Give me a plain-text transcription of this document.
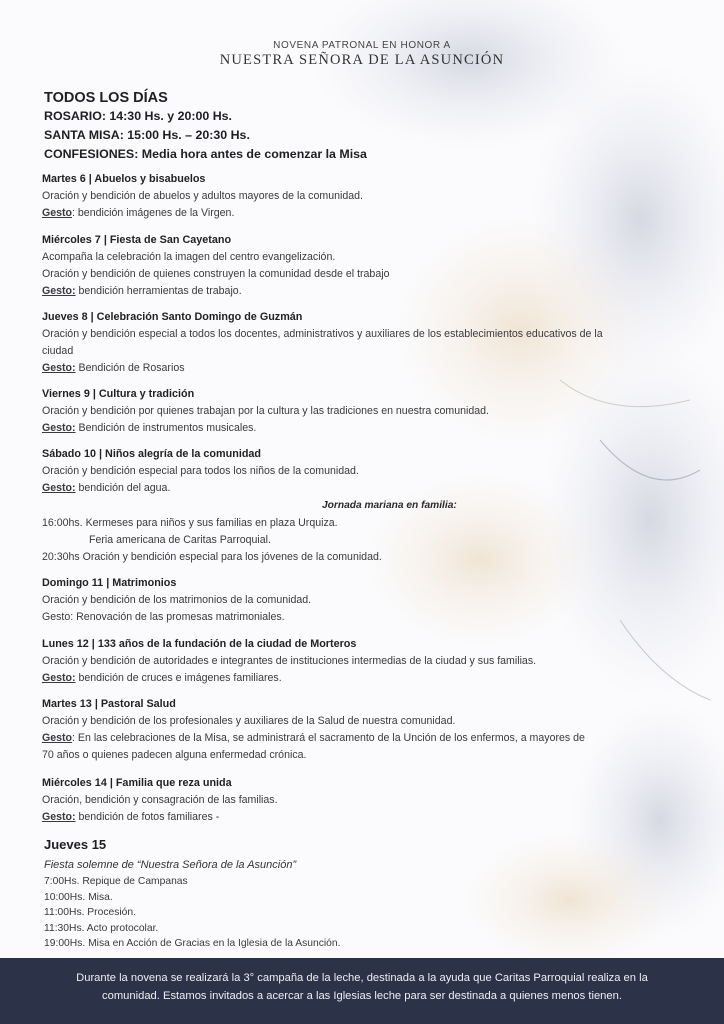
NOVENA PATRONAL EN HONOR A
NUESTRA SEÑORA DE LA ASUNCIÓN
TODOS LOS DÍAS
ROSARIO: 14:30 Hs. y 20:00 Hs.
SANTA MISA: 15:00 Hs. – 20:30 Hs.
CONFESIONES: Media hora antes de comenzar la Misa
Martes 6 | Abuelos y bisabuelos
Oración y bendición de abuelos y adultos mayores de la comunidad.
Gesto: bendición imágenes de la Virgen.
Miércoles 7 | Fiesta de San Cayetano
Acompaña la celebración la imagen del centro evangelización.
Oración y bendición de quienes construyen la comunidad desde el trabajo
Gesto: bendición herramientas de trabajo.
Jueves 8 | Celebración Santo Domingo de Guzmán
Oración y bendición especial a todos los docentes, administrativos y auxiliares de los establecimientos educativos de la
ciudad
Gesto: Bendición de Rosarios
Viernes 9 | Cultura y tradición
Oración y bendición por quienes trabajan por la cultura y las tradiciones en nuestra comunidad.
Gesto: Bendición de instrumentos musicales.
Sábado 10 | Niños alegría de la comunidad
Oración y bendición especial para todos los niños de la comunidad.
Gesto: bendición del agua.
Jornada mariana en familia:
16:00hs. Kermeses para niños y sus familias en plaza Urquiza.
Feria americana de Caritas Parroquial.
20:30hs Oración y bendición especial para los jóvenes de la comunidad.
Domingo 11 | Matrimonios
Oración y bendición de los matrimonios de la comunidad.
Gesto: Renovación de las promesas matrimoniales.
Lunes 12 | 133 años de la fundación de la ciudad de Morteros
Oración y bendición de autoridades e integrantes de instituciones intermedias de la ciudad y sus familias.
Gesto: bendición de cruces e imágenes familiares.
Martes 13 | Pastoral Salud
Oración y bendición de los profesionales y auxiliares de la Salud de nuestra comunidad.
Gesto: En las celebraciones de la Misa, se administrará el sacramento de la Unción de los enfermos, a mayores de
70 años o quienes padecen alguna enfermedad crónica.
Miércoles 14 | Familia que reza unida
Oración, bendición y consagración de las familias.
Gesto: bendición de fotos familiares -
Jueves 15
Fiesta solemne de “Nuestra Señora de la Asunción”
7:00Hs. Repique de Campanas
10:00Hs. Misa.
11:00Hs. Procesión.
11:30Hs. Acto protocolar.
19:00Hs. Misa en Acción de Gracias en la Iglesia de la Asunción.
Durante la novena se realizará la 3° campaña de la leche, destinada a la ayuda que Caritas Parroquial realiza en la
comunidad. Estamos invitados a acercar a las Iglesias leche para ser destinada a quienes menos tienen.
